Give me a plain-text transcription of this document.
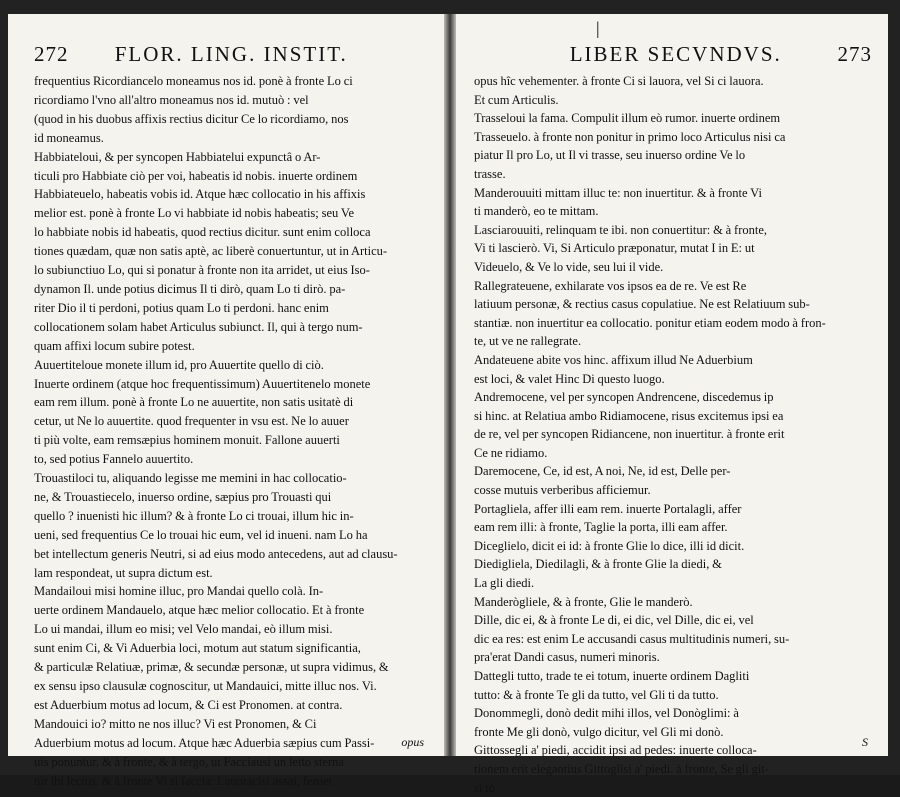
272 FLOR. LING. INSTIT.
frequentius Ricordiancelo moneamus nos id. ponè à fronte Lo ci
ricordiamo l'vno all'altro moneamus nos id. mutuò : vel
(quod in his duobus affixis rectius dicitur Ce lo ricordiamo, nos
id moneamus.
Habbiateloui, & per syncopen Habbiatelui expunctâ o Ar-
ticuli pro Habbiate ciò per voi, habeatis id nobis. inuerte ordinem
Habbiateuelo, habeatis vobis id. Atque hæc collocatio in his affixis
melior est. ponè à fronte Lo vi habbiate id nobis habeatis; seu Ve
lo habbiate nobis id habeatis, quod rectius dicitur. sunt enim colloca
tiones quædam, quæ non satis aptè, ac liberè conuertuntur, ut in Articu-
lo subiunctiuo Lo, qui si ponatur à fronte non ita arridet, ut eius Iso-
dynamon Il. unde potius dicimus Il ti dirò, quam Lo ti dirò. pa-
riter Dio il ti perdoni, potius quam Lo ti perdoni. hanc enim
collocationem solam habet Articulus subiunct. Il, qui à tergo num-
quam affixi locum subire potest.
Auuertiteloue monete illum id, pro Auuertite quello di ciò.
Inuerte ordinem (atque hoc frequentissimum) Auuertitenelo monete
eam rem illum. ponè à fronte Lo ne auuertite, non satis usitatè di
cetur, ut Ne lo auuertite. quod frequenter in vsu est. Ne lo auuer
ti più volte, eam remsæpius hominem monuit. Fallone auuerti
to, sed potius Fannelo auuertito.
Trouastiloci tu, aliquando legisse me memini in hac collocatio-
ne, & Trouastiecelo, inuerso ordine, sæpius pro Trouasti qui
quello ? inuenisti hic illum? & à fronte Lo ci trouai, illum hic in-
ueni, sed frequentius Ce lo trouai hic eum, vel id inueni. nam Lo ha
bet intellectum generis Neutri, si ad eius modo antecedens, aut ad clausu-
lam respondeat, ut supra dictum est.
Mandailoui misi homine illuc, pro Mandai quello colà. In-
uerte ordinem Mandauelo, atque hæc melior collocatio. Et à fronte
Lo ui mandai, illum eo misi; vel Velo mandai, eò illum misi.
sunt enim Ci, & Vi Aduerbia loci, motum aut statum significantia,
& particulæ Relatiuæ, primæ, & secundæ personæ, ut supra vidimus, &
ex sensu ipso clausulæ cognoscitur, ut Mandauici, mitte illuc nos. Vi.
est Aduerbium motus ad locum, & Ci est Pronomen. at contra.
Mandouici io? mitto ne nos illuc? Vi est Pronomen, & Ci
Aduerbium motus ad locum. Atque hæc Aduerbia sæpius cum Passi-
uis ponuntur, & à fronte, & à tergo, ut Facciausi un letto sterna
tur ibi lectus. & à fronte Vi si faccia: Lauoracisi assai, feruet
opus
|
LIBER SECVNDVS.	273
opus hîc vehementer. à fronte Ci si lauora, vel Si ci lauora.
Et cum Articulis.
Trasseloui la fama. Compulit illum eò rumor. inuerte ordinem
Trasseuelo. à fronte non ponitur in primo loco Articulus nisi ca
piatur Il pro Lo, ut Il vi trasse, seu inuerso ordine Ve lo
trasse.
Manderouuiti mittam illuc te: non inuertitur. & à fronte Vi
ti manderò, eo te mittam.
Lasciarouuiti, relinquam te ibi. non conuertitur: & à fronte,
Vi ti lascierò. Vi, Si Articulo præponatur, mutat I in E: ut
Videuelo, & Ve lo vide, seu lui il vide.
Rallegrateuene, exhilarate vos ipsos ea de re. Ve est Re
latiuum personæ, & rectius casus copulatiue. Ne est Relatiuum sub-
stantiæ. non inuertitur ea collocatio. ponitur etiam eodem modo à fron-
te, ut ve ne rallegrate.
Andateuene abite vos hinc. affixum illud Ne Aduerbium
est loci, & valet Hinc Di questo luogo.
Andremocene, vel per syncopen Andrencene, discedemus ip
si hinc. at Relatiua ambo Ridiamocene, risus excitemus ipsi ea
de re, vel per syncopen Ridiancene, non inuertitur. à fronte erit
Ce ne ridiamo.
Daremocene, Ce, id est, A noi, Ne, id est, Delle per-
cosse mutuis verberibus afficiemur.
Portagliela, affer illi eam rem. inuerte Portalagli, affer
eam rem illi: à fronte, Taglie la porta, illi eam affer.
Diceglielo, dicit ei id: à fronte Glie lo dice, illi id dicit.
Diedigliela, Diedilagli, & à fronte Glie la diedi, &
La gli diedi.
Manderògliele, & à fronte, Glie le manderò.
Dille, dic ei, & à fronte Le di, ei dic, vel Dille, dic ei, vel
dic ea res: est enim Le accusandi casus multitudinis numeri, su-
pra'erat Dandi casus, numeri minoris.
Dattegli tutto, trade te ei totum, inuerte ordinem Dagliti
tutto: & à fronte Te gli da tutto, vel Gli ti da tutto.
Donommegli, donò dedit mihi illos, vel Donòglimi: à
fronte Me gli donò, vulgo dicitur, vel Gli mi donò.
Gittossegli a' piedi, accidit ipsi ad pedes: inuerte colloca-
tionem erit elegantius Gittoglisi a' piedi. à fronte, Se gli git-
si tò
S
